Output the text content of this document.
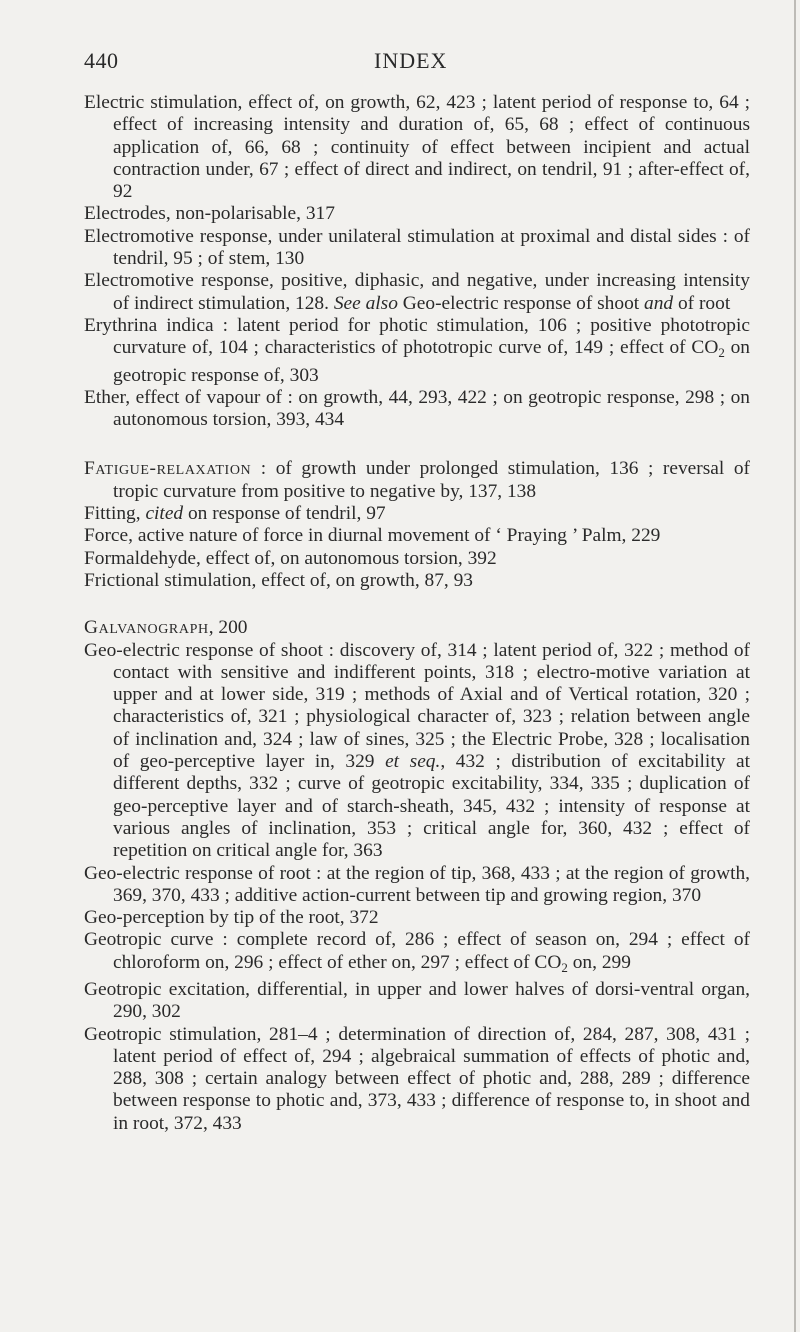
440	INDEX
Electric stimulation, effect of, on growth, 62, 423 ; latent period of response to, 64 ; effect of increasing intensity and duration of, 65, 68 ; effect of continuous application of, 66, 68 ; continuity of effect between incipient and actual contraction under, 67 ; effect of direct and indirect, on tendril, 91 ; after-effect of, 92
Electrodes, non-polarisable, 317
Electromotive response, under unilateral stimulation at proximal and distal sides : of tendril, 95 ; of stem, 130
Electromotive response, positive, diphasic, and negative, under increasing intensity of indirect stimulation, 128. See also Geo-electric response of shoot and of root
Erythrina indica : latent period for photic stimulation, 106 ; positive phototropic curvature of, 104 ; characteristics of phototropic curve of, 149 ; effect of $CO_2$ on geotropic response of, 303
Ether, effect of vapour of : on growth, 44, 293, 422 ; on geotropic response, 298 ; on autonomous torsion, 393, 434
Fatigue-relaxation : of growth under prolonged stimulation, 136 ; reversal of tropic curvature from positive to negative by, 137, 138
Fitting, cited on response of tendril, 97
Force, active nature of force in diurnal movement of ‘ Praying ’ Palm, 229
Formaldehyde, effect of, on autonomous torsion, 392
Frictional stimulation, effect of, on growth, 87, 93
Galvanograph, 200
Geo-electric response of shoot : discovery of, 314 ; latent period of, 322 ; method of contact with sensitive and indifferent points, 318 ; electro-motive variation at upper and at lower side, 319 ; methods of Axial and of Vertical rotation, 320 ; characteristics of, 321 ; physiological character of, 323 ; relation between angle of inclination and, 324 ; law of sines, 325 ; the Electric Probe, 328 ; localisation of geo-perceptive layer in, 329 et seq., 432 ; distribution of excitability at different depths, 332 ; curve of geotropic excitability, 334, 335 ; duplication of geo-perceptive layer and of starch-sheath, 345, 432 ; intensity of response at various angles of inclination, 353 ; critical angle for, 360, 432 ; effect of repetition on critical angle for, 363
Geo-electric response of root : at the region of tip, 368, 433 ; at the region of growth, 369, 370, 433 ; additive action-current between tip and growing region, 370
Geo-perception by tip of the root, 372
Geotropic curve : complete record of, 286 ; effect of season on, 294 ; effect of chloroform on, 296 ; effect of ether on, 297 ; effect of $CO_2$ on, 299
Geotropic excitation, differential, in upper and lower halves of dorsi-ventral organ, 290, 302
Geotropic stimulation, 281–4 ; determination of direction of, 284, 287, 308, 431 ; latent period of effect of, 294 ; algebraical summation of effects of photic and, 288, 308 ; certain analogy between effect of photic and, 288, 289 ; difference between response to photic and, 373, 433 ; difference of response to, in shoot and in root, 372, 433
